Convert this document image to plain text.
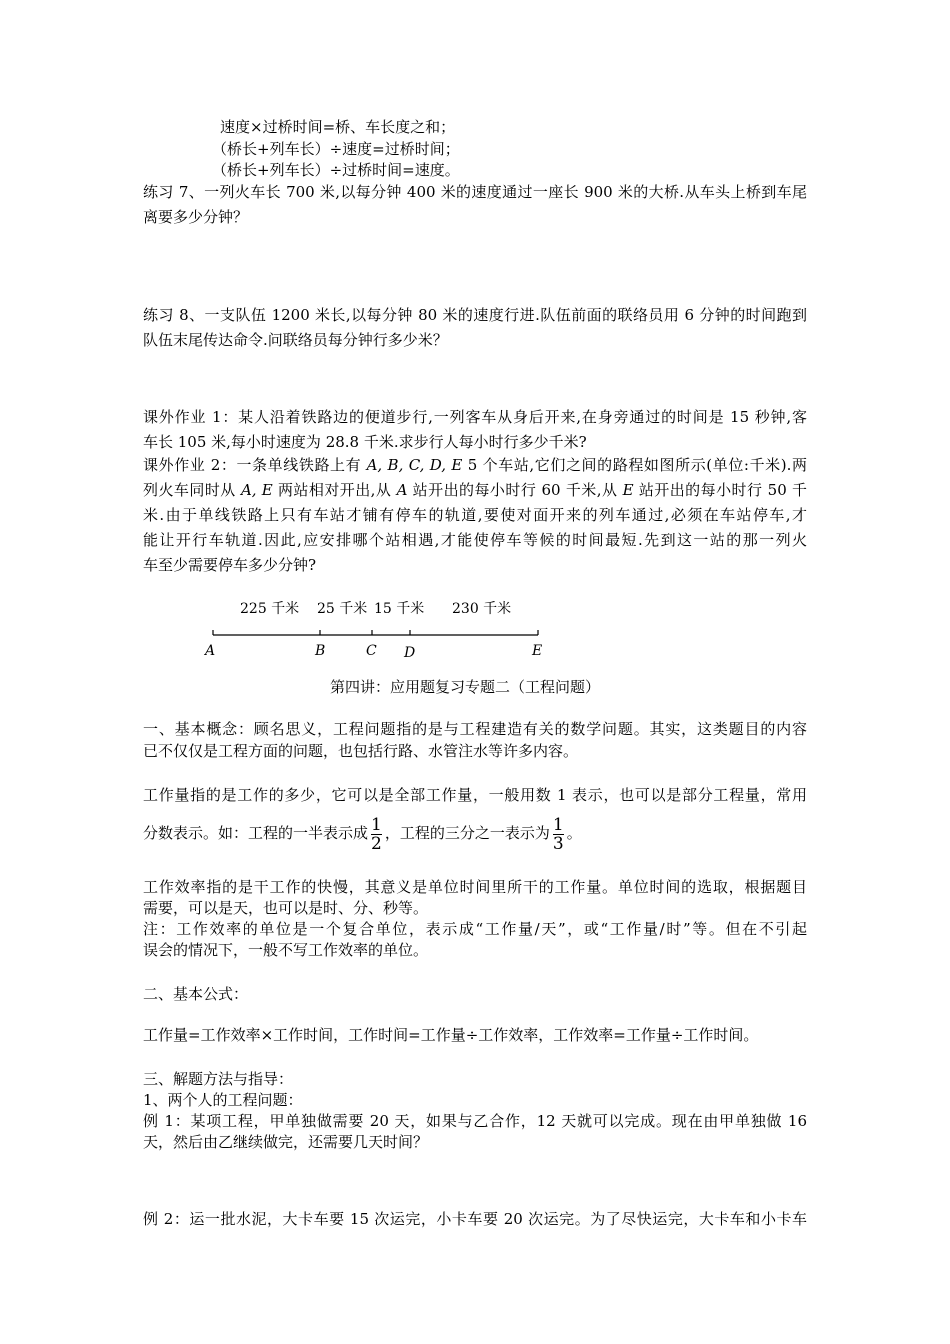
速度×过桥时间=桥、车长度之和；
（桥长+列车长）÷速度=过桥时间；
（桥长+列车长）÷过桥时间=速度。
练习 7、一列火车长 700 米,以每分钟 400 米的速度通过一座长 900 米的大桥.从车头上桥到车尾
离要多少分钟？
练习 8、一支队伍 1200 米长,以每分钟 80 米的速度行进.队伍前面的联络员用 6 分钟的时间跑到
队伍末尾传达命令.问联络员每分钟行多少米？
课外作业 1：某人沿着铁路边的便道步行,一列客车从身后开来,在身旁通过的时间是 15 秒钟,客
车长 105 米,每小时速度为 28.8 千米.求步行人每小时行多少千米?
课外作业 2：一条单线铁路上有 A, B, C, D, E 5 个车站,它们之间的路程如图所示(单位:千米).两
列火车同时从 A, E 两站相对开出,从 A 站开出的每小时行 60 千米,从 E 站开出的每小时行 50 千
米.由于单线铁路上只有车站才铺有停车的轨道,要使对面开来的列车通过,必须在车站停车,才
能让开行车轨道.因此,应安排哪个站相遇,才能使停车等候的时间最短.先到这一站的那一列火
车至少需要停车多少分钟?
225 千米 25 千米 15 千米 230 千米
A	B	C D	E
第四讲：应用题复习专题二（工程问题）
一、基本概念：顾名思义，工程问题指的是与工程建造有关的数学问题。其实，这类题目的内容
已不仅仅是工程方面的问题，也包括行路、水管注水等许多内容。
工作量指的是工作的多少，它可以是全部工作量，一般用数 1 表示，也可以是部分工程量，常用
分数表示。如：工程的一半表示成 $\frac{1}{2}$ ，工程的三分之一表示为 $\frac{1}{3}$ 。
工作效率指的是干工作的快慢，其意义是单位时间里所干的工作量。单位时间的选取，根据题目
需要，可以是天，也可以是时、分、秒等。
注：工作效率的单位是一个复合单位，表示成“工作量/天”，或“工作量/时”等。但在不引起
误会的情况下，一般不写工作效率的单位。
二、基本公式：
工作量=工作效率×工作时间，工作时间=工作量÷工作效率，工作效率=工作量÷工作时间。
三、解题方法与指导：
1、两个人的工程问题：
例 1：某项工程，甲单独做需要 20 天，如果与乙合作，12 天就可以完成。现在由甲单独做 16
天，然后由乙继续做完，还需要几天时间？
例 2：运一批水泥，大卡车要 15 次运完，小卡车要 20 次运完。为了尽快运完，大卡车和小卡车
